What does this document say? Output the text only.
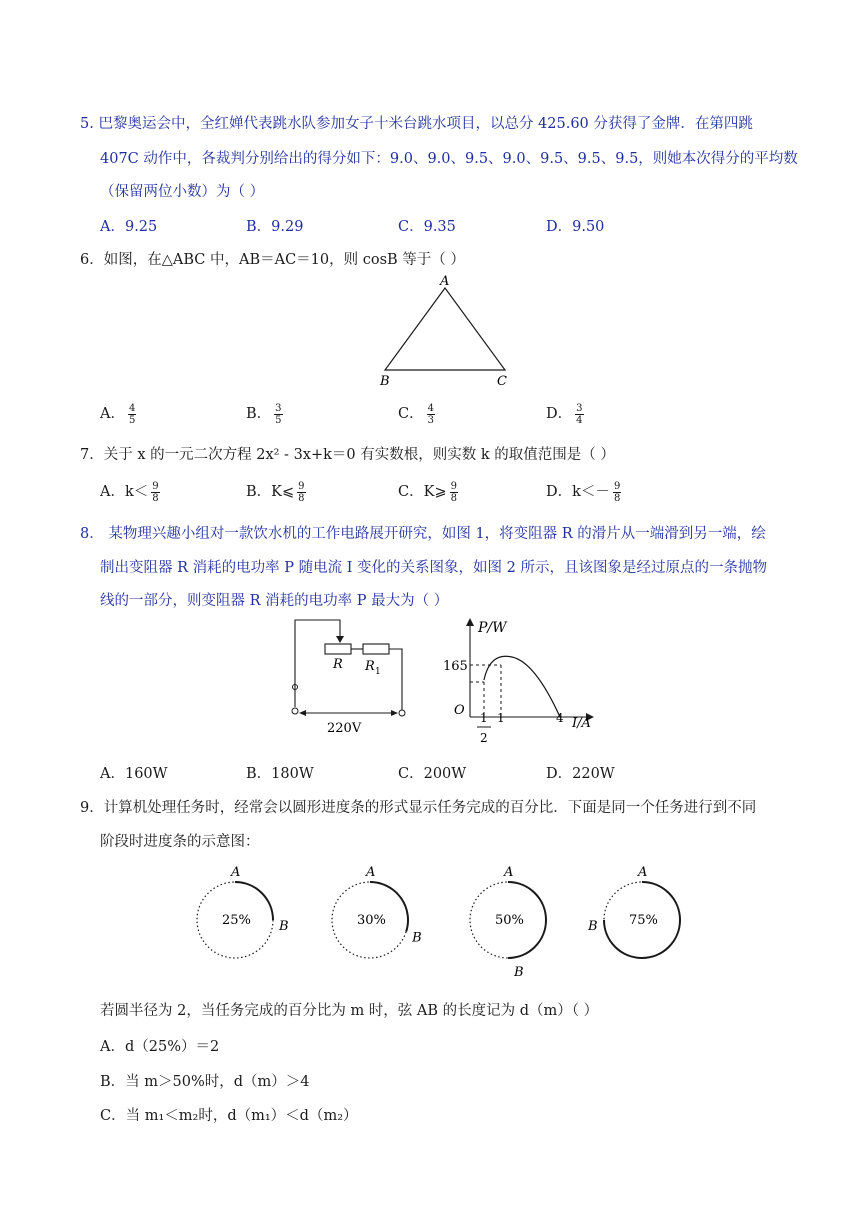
5. 巴黎奥运会中，全红婵代表跳水队参加女子十米台跳水项目，以总分 425.60 分获得了金牌．在第四跳
407C 动作中，各裁判分别给出的得分如下：9.0、9.0、9.5、9.0、9.5、9.5、9.5，则她本次得分的平均数
（保留两位小数）为（ ）
A．9.25	B．9.29	C．9.35	D．9.50
6．如图，在△ABC 中，AB＝AC＝10，则 cosB 等于（ ）
A
B	C
A． $\frac{4}{5}$	B． $\frac{3}{5}$	C． $\frac{4}{3}$	D． $\frac{3}{4}$
7．关于 x 的一元二次方程 2x² - 3x+k＝0 有实数根，则实数 k 的取值范围是（ ）
A．$k< \frac{9}{8}$	B．K⩽ $\frac{9}{8}$	C．K⩾ $\frac{9}{8}$	D．$k<- \frac{9}{8}$
8． 某物理兴趣小组对一款饮水机的工作电路展开研究，如图 1，将变阻器 R 的滑片从一端滑到另一端，绘
制出变阻器 R 消耗的电功率 P 随电流 I 变化的关系图象，如图 2 所示，且该图象是经过原点的一条抛物
线的一部分，则变阻器 R 消耗的电功率 P 最大为（ ）
R R 1
220V
P/W
165
O 1
2
1	4 I/A
A．160W	B．180W	C．200W	D．220W
9．计算机处理任务时，经常会以圆形进度条的形式显示任务完成的百分比．下面是同一个任务进行到不同
阶段时进度条的示意图：
25%
A
B	30%
A
B
50%
A
B
75%
A
B
若圆半径为 2，当任务完成的百分比为 m 时，弦 AB 的长度记为 d（m）（ ）
A．d（25%）＝2
B．当 m＞50%时，d（m）＞4
C．当 m₁＜m₂时，d（m₁）＜d（m₂）
